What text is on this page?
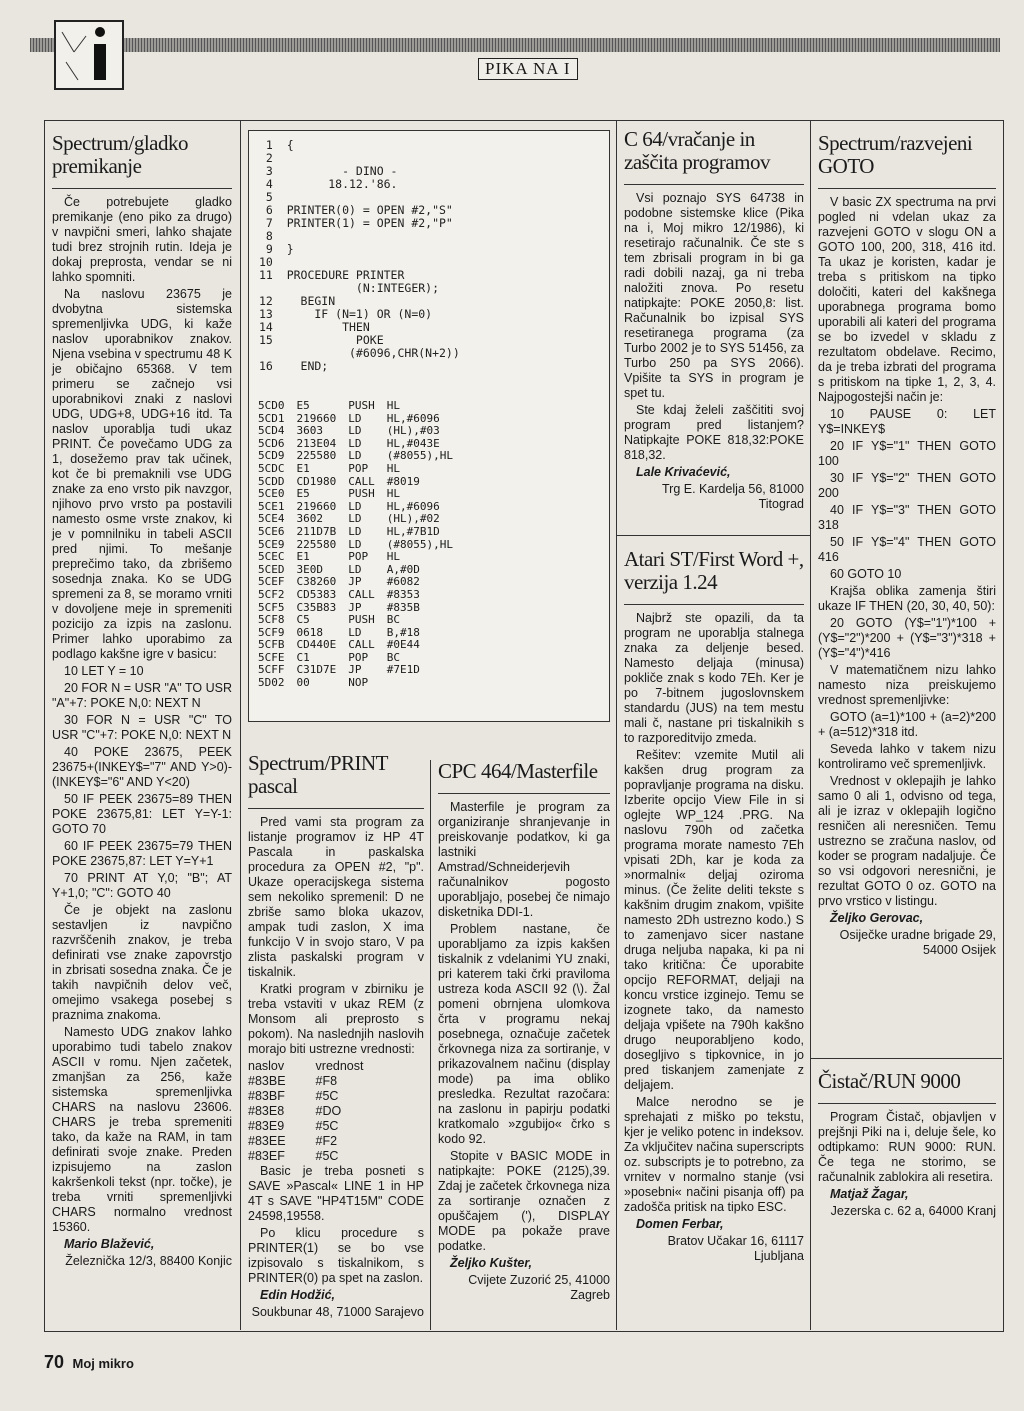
PIKA NA I
Spectrum/gladko premikanje

Če potrebujete gladko premikanje (eno piko za drugo) v navpični smeri, lahko shajate tudi brez strojnih rutin. Ideja je dokaj preprosta, vendar se ni lahko spomniti.

Na naslovu 23675 je dvobytna sistemska spremenljivka UDG, ki kaže naslov uporabnikov znakov. Njena vsebina v spectrumu 48 K je običajno 65368. V tem primeru se začnejo vsi uporabnikovi znaki z naslovi UDG, UDG+8, UDG+16 itd. Ta naslov uporablja tudi ukaz PRINT. Če povečamo UDG za 1, dosežemo prav tak učinek, kot če bi premaknili vse UDG znake za eno vrsto pik navzgor, njihovo prvo vrsto pa postavili namesto osme vrste znakov, ki je v pomnilniku in tabeli ASCII pred njimi. To mešanje preprečimo tako, da zbrišemo sosednja znaka. Ko se UDG spremeni za 8, se moramo vrniti v dovoljene meje in spremeniti pozicijo za izpis na zaslonu. Primer lahko uporabimo za podlago kakšne igre v basicu:

10 LET Y = 10

20 FOR N = USR "A" TO USR "A"+7: POKE N,0: NEXT N

30 FOR N = USR "C" TO USR "C"+7: POKE N,0: NEXT N

40 POKE 23675, PEEK 23675+(INKEY$="7" AND Y>0)-(INKEY$="6" AND Y<20)

50 IF PEEK 23675=89 THEN POKE 23675,81: LET Y=Y-1: GOTO 70

60 IF PEEK 23675=79 THEN POKE 23675,87: LET Y=Y+1

70 PRINT AT Y,0; "B"; AT Y+1,0; "C": GOTO 40

Če je objekt na zaslonu sestavljen iz navpično razvrščenih znakov, je treba definirati vse znake zapovrstjo in zbrisati sosedna znaka. Če je takih navpičnih delov več, omejimo vsakega posebej s praznima znakoma.

Namesto UDG znakov lahko uporabimo tudi tabelo znakov ASCII v romu. Njen začetek, zmanjšan za 256, kaže sistemska spremenljivka CHARS na naslovu 23606. CHARS je treba spremeniti tako, da kaže na RAM, in tam definirati svoje znake. Preden izpisujemo na zaslon kakršenkoli tekst (npr. točke), je treba vrniti spremenljivki CHARS normalno vrednost 15360.

Mario Blažević,

Železnička 12/3, 88400 Konjic

1  {
2
3          - DINO -
4        18.12.'86.
5
6  PRINTER(0) = OPEN #2,"S"
7  PRINTER(1) = OPEN #2,"P"
8
9  }
10
11  PROCEDURE PRINTER
(N:INTEGER);
12    BEGIN
13      IF (N=1) OR (N=0)
14          THEN
15            POKE
(#6096,CHR(N+2))
16    END;
5CD0	E5	PUSH	HL
5CD1	219660	LD	HL,#6096
5CD4	3603	LD	(HL),#03
5CD6	213E04	LD	HL,#043E
5CD9	225580	LD	(#8055),HL
5CDC	E1	POP	HL
5CDD	CD1980	CALL	#8019
5CE0	E5	PUSH	HL
5CE1	219660	LD	HL,#6096
5CE4	3602	LD	(HL),#02
5CE6	211D7B	LD	HL,#7B1D
5CE9	225580	LD	(#8055),HL
5CEC	E1	POP	HL
5CED	3E0D	LD	A,#0D
5CEF	C38260	JP	#6082
5CF2	CD5383	CALL	#8353
5CF5	C35B83	JP	#835B
5CF8	C5	PUSH	BC
5CF9	0618	LD	B,#18
5CFB	CD440E	CALL	#0E44
5CFE	C1	POP	BC
5CFF	C31D7E	JP	#7E1D
5D02	00	NOP	
Spectrum/PRINT pascal

Pred vami sta program za listanje programov iz HP 4T Pascala in paskalska procedura za OPEN #2, "p". Ukaze operacijskega sistema sem nekoliko spremenil: D ne zbriše samo bloka ukazov, ampak tudi zaslon, X ima funkcijo V in svojo staro, V pa zlista paskalski program v tiskalnik.

Kratki program v zbirniku je treba vstaviti v ukaz REM (z Monsom ali preprosto s pokom). Na naslednjih naslovih morajo biti ustrezne vrednosti:

naslov	vrednost
#83BE	#F8
#83BF	#5C
#83E8	#DO
#83E9	#5C
#83EE	#F2
#83EF	#5C

Basic je treba posneti s SAVE »Pascal« LINE 1 in HP 4T s SAVE "HP4T15M" CODE 24598,19558.

Po klicu procedure s PRINTER(1) se bo vse izpisovalo s tiskalnikom, s PRINTER(0) pa spet na zaslon.

Edin Hodžić,

Soukbunar 48, 71000 Sarajevo

CPC 464/Masterfile

Masterfile je program za organiziranje shranjevanje in preiskovanje podatkov, ki ga lastniki Amstrad/Schneiderjevih računalnikov pogosto uporabljajo, posebej če nimajo disketnika DDI-1.

Problem nastane, če uporabljamo za izpis kakšen tiskalnik z vdelanimi YU znaki, pri katerem taki črki praviloma ustreza koda ASCII 92 (\). Žal pomeni obrnjena ulomkova črta v programu nekaj posebnega, označuje začetek črkovnega niza za sortiranje, v prikazovalnem načinu (display mode) pa ima obliko presledka. Rezultat razočara: na zaslonu in papirju podatki kratkomalo »zgubijo« črko s kodo 92.

Stopite v BASIC MODE in natipkajte: POKE (2125),39. Zdaj je začetek črkovnega niza za sortiranje označen z opuščajem ('), DISPLAY MODE pa pokaže prave podatke.

Željko Kušter,

Cvijete Zuzorić 25, 41000 Zagreb

C 64/vračanje in zaščita programov

Vsi poznajo SYS 64738 in podobne sistemske klice (Pika na i, Moj mikro 12/1986), ki resetirajo računalnik. Če ste s tem zbrisali program in bi ga radi dobili nazaj, ga ni treba naložiti znova. Po resetu natipkajte: POKE 2050,8: list. Računalnik bo izpisal SYS resetiranega programa (za Turbo 2002 je to SYS 51456, za Turbo 250 pa SYS 2066). Vpišite ta SYS in program je spet tu.

Ste kdaj želeli zaščititi svoj program pred listanjem? Natipkajte POKE 818,32:POKE 818,32.

Lale Krivaćević,

Trg E. Kardelja 56, 81000 Titograd

Atari ST/First Word +, verzija 1.24

Najbrž ste opazili, da ta program ne uporablja stalnega znaka za deljenje besed. Namesto deljaja (minusa) pokliče znak s kodo 7Eh. Ker je po 7-bitnem jugoslovnskem standardu (JUS) na tem mestu mali č, nastane pri tiskalnikih s to razporeditvijo zmeda.

Rešitev: vzemite Mutil ali kakšen drug program za popravljanje programa na disku. Izberite opcijo View File in si oglejte WP_124 .PRG. Na naslovu 790h od začetka programa morate namesto 7Eh vpisati 2Dh, kar je koda za »normalni« deljaj oziroma minus. (Če želite deliti tekste s kakšnim drugim znakom, vpišite namesto 2Dh ustrezno kodo.) S to zamenjavo sicer nastane druga neljuba napaka, ki pa ni tako kritična: Če uporabite opcijo REFORMAT, deljaji na koncu vrstice izginejo. Temu se izognete tako, da namesto deljaja vpišete na 790h kakšno drugo neuporabljeno kodo, dosegljivo s tipkovnice, in jo pred tiskanjem zamenjate z deljajem.

Malce nerodno se je sprehajati z miško po tekstu, kjer je veliko potenc in indeksov. Za vključitev načina superscripts oz. subscripts je to potrebno, za vrnitev v normalno stanje (vsi »posebni« načini pisanja off) pa zadošča pritisk na tipko ESC.

Domen Ferbar,

Bratov Učakar 16, 61117 Ljubljana

Spectrum/razvejeni GOTO

V basic ZX spectruma na prvi pogled ni vdelan ukaz za razvejeni GOTO v slogu ON a GOTO 100, 200, 318, 416 itd. Ta ukaz je koristen, kadar je treba s pritiskom na tipko določiti, kateri del kakšnega uporabnega programa bomo uporabili ali kateri del programa se bo izvedel v skladu z rezultatom obdelave. Recimo, da je treba izbrati del programa s pritiskom na tipke 1, 2, 3, 4. Najpogostejši način je:

10 PAUSE 0: LET Y$=INKEY$

20 IF Y$="1" THEN GOTO 100

30 IF Y$="2" THEN GOTO 200

40 IF Y$="3" THEN GOTO 318

50 IF Y$="4" THEN GOTO 416

60 GOTO 10

Krajša oblika zamenja štiri ukaze IF THEN (20, 30, 40, 50):

20 GOTO (Y$="1")*100 + (Y$="2")*200 + (Y$="3")*318 + (Y$="4")*416

V matematičnem nizu lahko namesto niza preiskujemo vrednost spremenljivke:

GOTO (a=1)*100 + (a=2)*200 + (a=512)*318 itd.

Seveda lahko v takem nizu kontroliramo več spremenljivk.

Vrednost v oklepajih je lahko samo 0 ali 1, odvisno od tega, ali je izraz v oklepajih logično resničen ali neresničen. Temu ustrezno se zračuna naslov, od koder se program nadaljuje. Če so vsi odgovori neresnični, je rezultat GOTO 0 oz. GOTO na prvo vrstico v listingu.

Željko Gerovac,

Osiječke uradne brigade 29, 54000 Osijek

Čistač/RUN 9000

Program Čistač, objavljen v prejšnji Piki na i, deluje šele, ko odtipkamo: RUN 9000: RUN. Če tega ne storimo, se računalnik zablokira ali resetira.

Matjaž Žagar,

Jezerska c. 62 a, 64000 Kranj

70 Moj mikro
